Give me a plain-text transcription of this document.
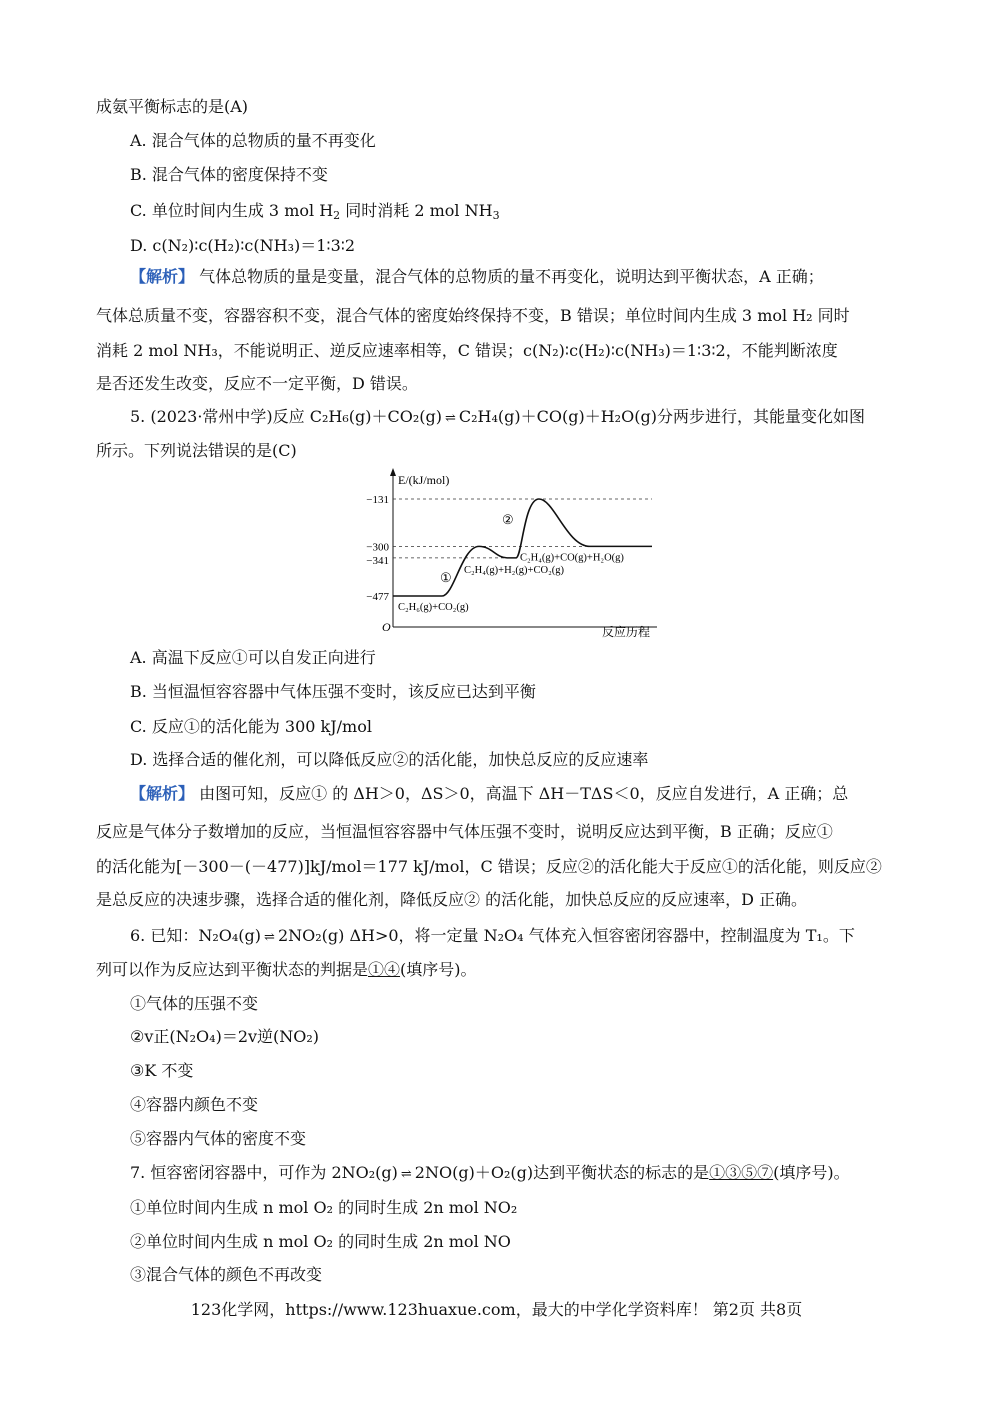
成氨平衡标志的是(A)
A. 混合气体的总物质的量不再变化
B. 混合气体的密度保持不变
C. 单位时间内生成 3 mol $H_2$ 同时消耗 2 mol $NH_3$
D. c(N₂)∶c(H₂)∶c(NH₃)＝1∶3∶2
【解析】 气体总物质的量是变量，混合气体的总物质的量不再变化，说明达到平衡状态，A 正确；
气体总质量不变，容器容积不变，混合气体的密度始终保持不变，B 错误；单位时间内生成 3 mol H₂ 同时
消耗 2 mol NH₃，不能说明正、逆反应速率相等，C 错误；c(N₂)∶c(H₂)∶c(NH₃)＝1∶3∶2，不能判断浓度
是否还发生改变，反应不一定平衡，D 错误。
5. (2023·常州中学)反应 C₂H₆(g)＋CO₂(g) ⇌ C₂H₄(g)＋CO(g)＋H₂O(g)分两步进行，其能量变化如图
所示。下列说法错误的是(C)
E/(kJ/mol)
O	反应历程
−131
−300
−341
−477
C₂H₆(g)+CO₂(g)
C₂H₄(g)+H₂(g)+CO₂(g)
C₂H₄(g)+CO(g)+H₂O(g)
①
②
A. 高温下反应①可以自发正向进行
B. 当恒温恒容容器中气体压强不变时，该反应已达到平衡
C. 反应①的活化能为 300 kJ/mol
D. 选择合适的催化剂，可以降低反应②的活化能，加快总反应的反应速率
【解析】 由图可知，反应① 的 ΔH＞0，ΔS＞0，高温下 ΔH－TΔS＜0，反应自发进行，A 正确；总
反应是气体分子数增加的反应，当恒温恒容容器中气体压强不变时，说明反应达到平衡，B 正确；反应①
的活化能为[－300－(－477)]kJ/mol＝177 kJ/mol，C 错误；反应②的活化能大于反应①的活化能，则反应②
是总反应的决速步骤，选择合适的催化剂，降低反应② 的活化能，加快总反应的反应速率，D 正确。
6. 已知：N₂O₄(g) ⇌ 2NO₂(g) ΔH>0，将一定量 N₂O₄ 气体充入恒容密闭容器中，控制温度为 T₁。下
列可以作为反应达到平衡状态的判据是①④(填序号)。
①气体的压强不变
②v正(N₂O₄)＝2v逆(NO₂)
③K 不变
④容器内颜色不变
⑤容器内气体的密度不变
7. 恒容密闭容器中，可作为 2NO₂(g) ⇌ 2NO(g)＋O₂(g)达到平衡状态的标志的是①③⑤⑦(填序号)。
①单位时间内生成 n mol O₂ 的同时生成 2n mol NO₂
②单位时间内生成 n mol O₂ 的同时生成 2n mol NO
③混合气体的颜色不再改变
123化学网，https://www.123huaxue.com，最大的中学化学资料库！ 第2页 共8页
